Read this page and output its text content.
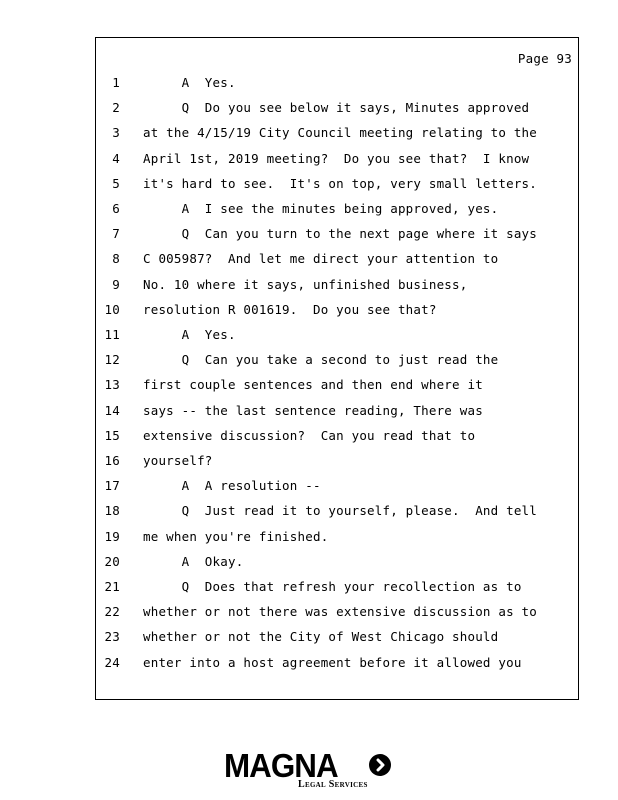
Page 93
1 A  Yes.
2 Q  Do you see below it says, Minutes approved
3 at the 4/15/19 City Council meeting relating to the
4 April 1st, 2019 meeting?  Do you see that?  I know
5 it's hard to see.  It's on top, very small letters.
6 A  I see the minutes being approved, yes.
7 Q  Can you turn to the next page where it says
8 C 005987?  And let me direct your attention to
9 No. 10 where it says, unfinished business,
10 resolution R 001619.  Do you see that?
11 A  Yes.
12 Q  Can you take a second to just read the
13 first couple sentences and then end where it
14 says -- the last sentence reading, There was
15 extensive discussion?  Can you read that to
16 yourself?
17 A  A resolution --
18 Q  Just read it to yourself, please.  And tell
19 me when you're finished.
20 A  Okay.
21 Q  Does that refresh your recollection as to
22 whether or not there was extensive discussion as to
23 whether or not the City of West Chicago should
24 enter into a host agreement before it allowed you
MAGNA
Legal Services
